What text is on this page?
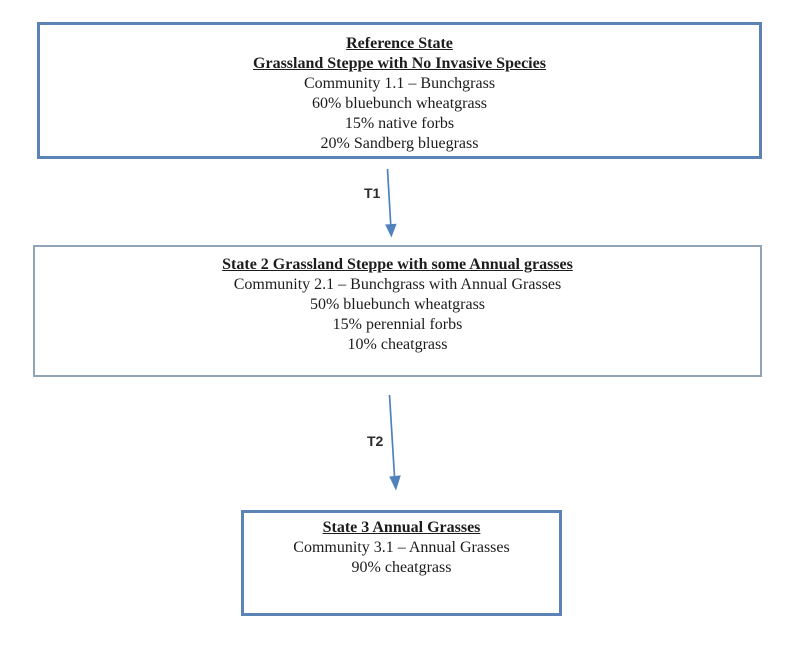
Reference State
Grassland Steppe with No Invasive Species
Community 1.1 – Bunchgrass
60% bluebunch wheatgrass
15% native forbs
20% Sandberg bluegrass
State 2 Grassland Steppe with some Annual grasses
Community 2.1 – Bunchgrass with Annual Grasses
50% bluebunch wheatgrass
15% perennial forbs
10% cheatgrass
State 3 Annual Grasses
Community 3.1 – Annual Grasses
90% cheatgrass
T1
T2
